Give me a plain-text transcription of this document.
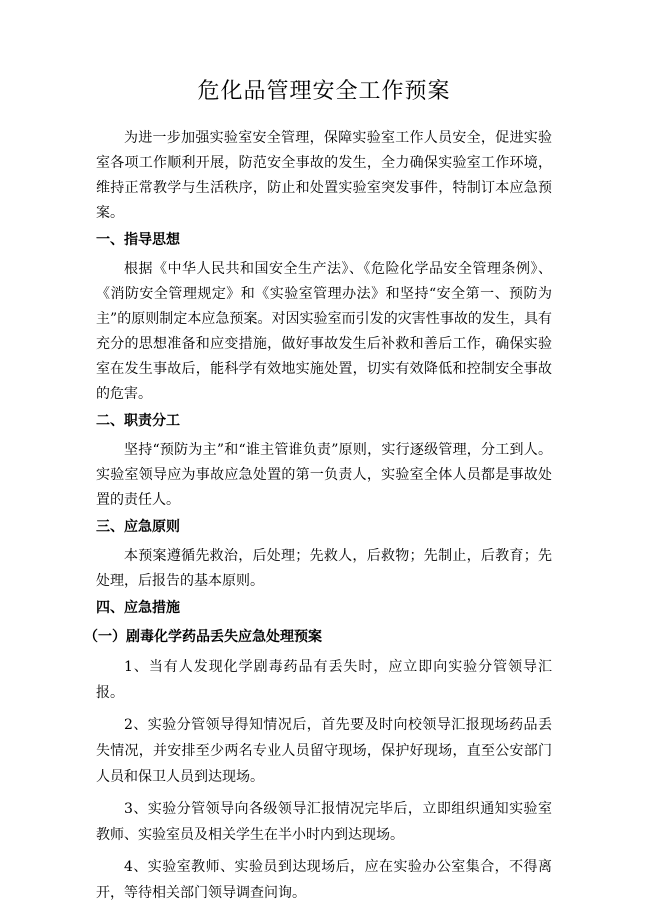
危化品管理安全工作预案

为进一步加强实验室安全管理，保障实验室工作人员安全，促进实验室各项工作顺利开展，防范安全事故的发生，全力确保实验室工作环境，维持正常教学与生活秩序，防止和处置实验室突发事件，特制订本应急预案。

一、指导思想

根据《中华人民共和国安全生产法》、《危险化学品安全管理条例》、《消防安全管理规定》和《实验室管理办法》和坚持“安全第一、预防为主”的原则制定本应急预案。对因实验室而引发的灾害性事故的发生，具有充分的思想准备和应变措施，做好事故发生后补救和善后工作，确保实验室在发生事故后，能科学有效地实施处置，切实有效降低和控制安全事故的危害。

二、职责分工

坚持“预防为主”和“谁主管谁负责”原则，实行逐级管理，分工到人。实验室领导应为事故应急处置的第一负责人，实验室全体人员都是事故处置的责任人。

三、应急原则

本预案遵循先救治，后处理；先救人，后救物；先制止，后教育；先处理，后报告的基本原则。

四、应急措施
（一）剧毒化学药品丢失应急处理预案

1、当有人发现化学剧毒药品有丢失时，应立即向实验分管领导汇报。

2、实验分管领导得知情况后，首先要及时向校领导汇报现场药品丢失情况，并安排至少两名专业人员留守现场，保护好现场，直至公安部门人员和保卫人员到达现场。

3、实验分管领导向各级领导汇报情况完毕后，立即组织通知实验室教师、实验室员及相关学生在半小时内到达现场。

4、实验室教师、实验员到达现场后，应在实验办公室集合，不得离开，等待相关部门领导调查问询。
